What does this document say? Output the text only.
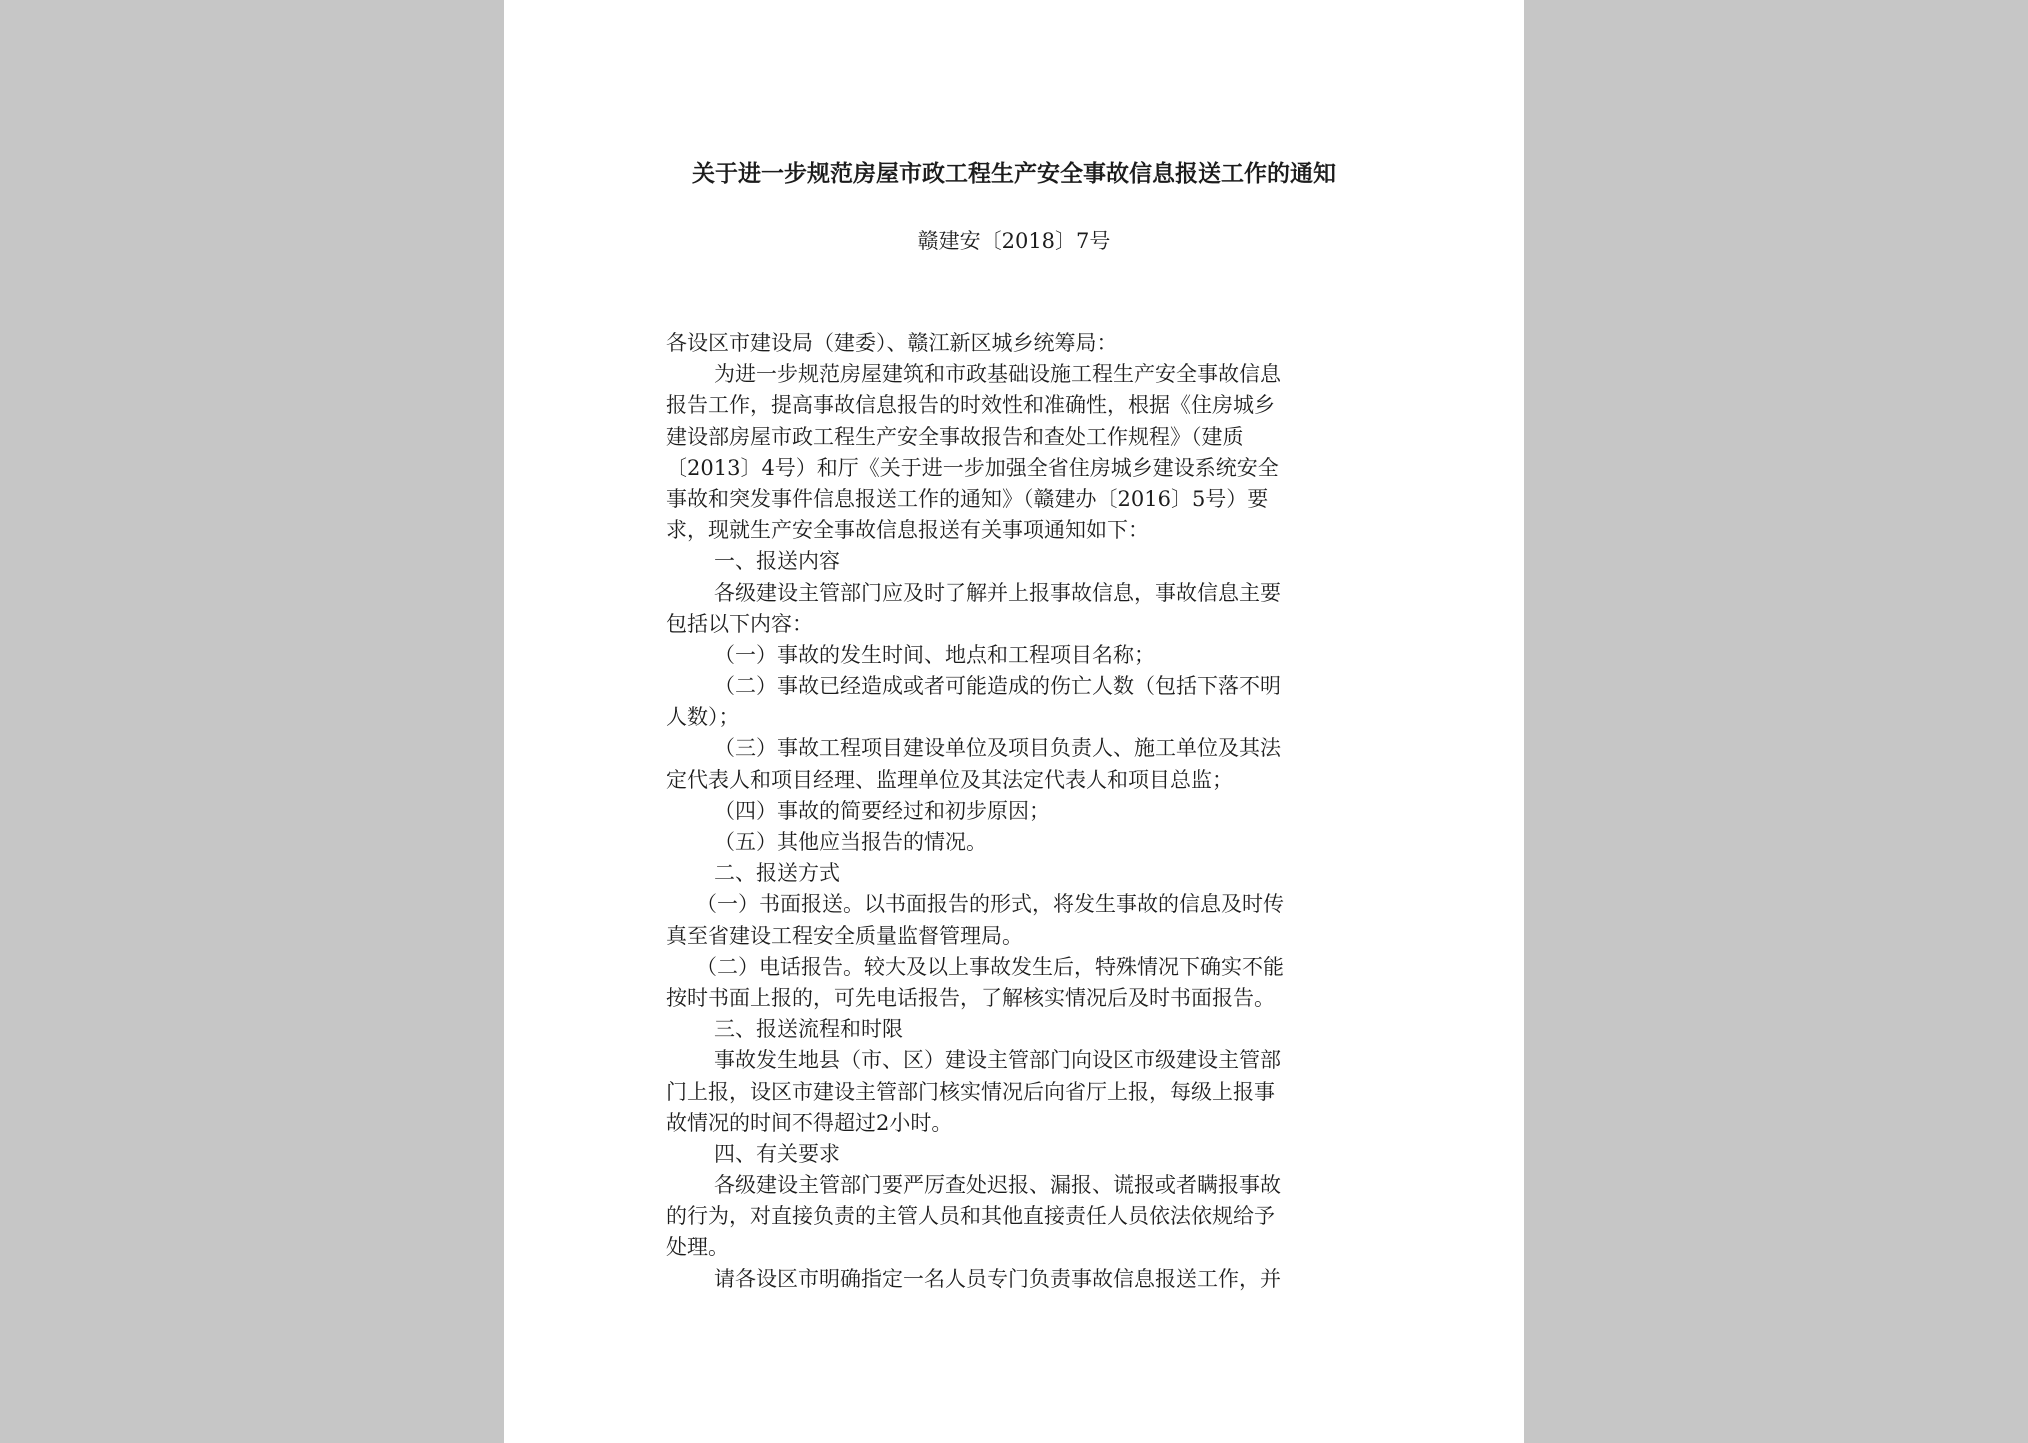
关于进一步规范房屋市政工程生产安全事故信息报送工作的通知
赣建安〔2018〕7号
各设区市建设局（建委）、赣江新区城乡统筹局：
为进一步规范房屋建筑和市政基础设施工程生产安全事故信息
报告工作，提高事故信息报告的时效性和准确性，根据《住房城乡
建设部房屋市政工程生产安全事故报告和查处工作规程》（建质
〔2013〕4号）和厅《关于进一步加强全省住房城乡建设系统安全
事故和突发事件信息报送工作的通知》（赣建办〔2016〕5号）要
求，现就生产安全事故信息报送有关事项通知如下：
一、报送内容
各级建设主管部门应及时了解并上报事故信息，事故信息主要
包括以下内容：
（一）事故的发生时间、地点和工程项目名称；
（二）事故已经造成或者可能造成的伤亡人数（包括下落不明
人数）；
（三）事故工程项目建设单位及项目负责人、施工单位及其法
定代表人和项目经理、监理单位及其法定代表人和项目总监；
（四）事故的简要经过和初步原因；
（五）其他应当报告的情况。
二、报送方式
（一）书面报送。以书面报告的形式，将发生事故的信息及时传
真至省建设工程安全质量监督管理局。
（二）电话报告。较大及以上事故发生后，特殊情况下确实不能
按时书面上报的，可先电话报告，了解核实情况后及时书面报告。
三、报送流程和时限
事故发生地县（市、区）建设主管部门向设区市级建设主管部
门上报，设区市建设主管部门核实情况后向省厅上报，每级上报事
故情况的时间不得超过2小时。
四、有关要求
各级建设主管部门要严厉查处迟报、漏报、谎报或者瞒报事故
的行为，对直接负责的主管人员和其他直接责任人员依法依规给予
处理。
请各设区市明确指定一名人员专门负责事故信息报送工作，并
